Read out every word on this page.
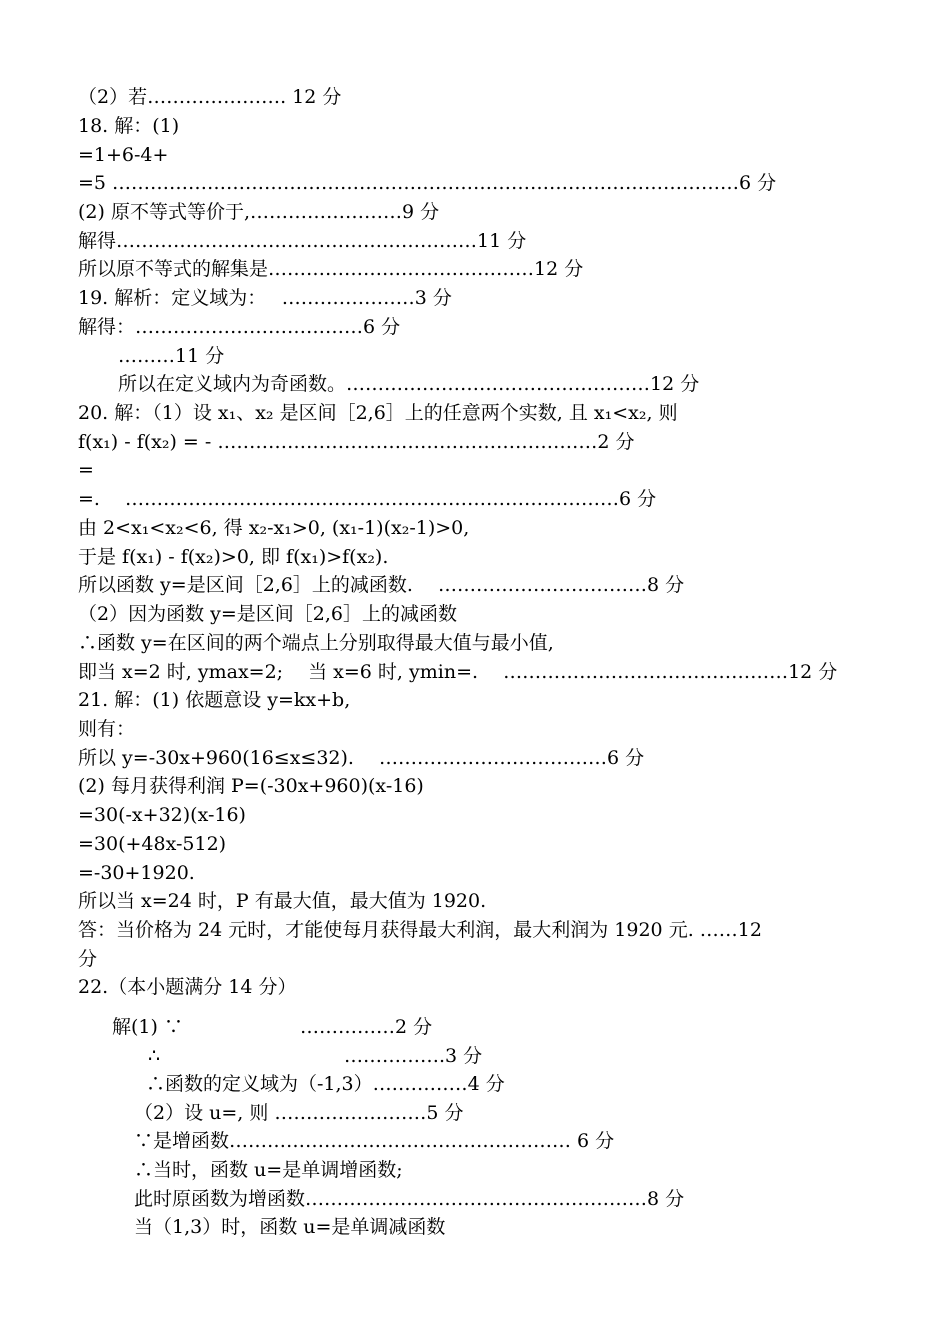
（2）若…………………. 12 分
18. 解：(1)
=1+6-4+
=5 ………………………………………………………………………………………6 分
(2) 原不等式等价于,……………………9 分
解得…………………………………………………11 分
所以原不等式的解集是……………………………………12 分
19. 解析：定义域为：　 …………………3 分
解得：………………………………6 分
………11 分
所以在定义域内为奇函数。…………………………………………12 分
20. 解：（1）设 x₁、x₂ 是区间［2,6］上的任意两个实数, 且 x₁<x₂, 则
f(x₁) - f(x₂) = - ……………………………………………………2 分
=
=.　 ……………………………………………………………………6 分
由 2<x₁<x₂<6, 得 x₂-x₁>0, (x₁-1)(x₂-1)>0,
于是 f(x₁) - f(x₂)>0, 即 f(x₁)>f(x₂).
所以函数 y=是区间［2,6］上的减函数.　 ……………………………8 分
（2）因为函数 y=是区间［2,6］上的减函数
∴函数 y=在区间的两个端点上分别取得最大值与最小值,
即当 x=2 时, ymax=2;　 当 x=6 时, ymin=.　 ………………………………………12 分
21. 解：(1) 依题意设 y=kx+b,
则有：
所以 y=-30x+960(16≤x≤32).　 ………………………………6 分
(2) 每月获得利润 P=(-30x+960)(x-16)
=30(-x+32)(x-16)
=30(+48x-512)
=-30+1920.
所以当 x=24 时，P 有最大值，最大值为 1920.
答：当价格为 24 元时，才能使每月获得最大利润，最大利润为 1920 元. ……12
分
22.（本小题满分 14 分）
解(1) ∵	……………2 分
∴	…………….3 分
∴函数的定义域为（-1,3）……………4 分
（2）设 u=, 则 ……………………5 分
∵是增函数……………………………………………… 6 分
∴当时，函数 u=是单调增函数;
此时原函数为增函数………………………………………………8 分
当（1,3）时，函数 u=是单调减函数
